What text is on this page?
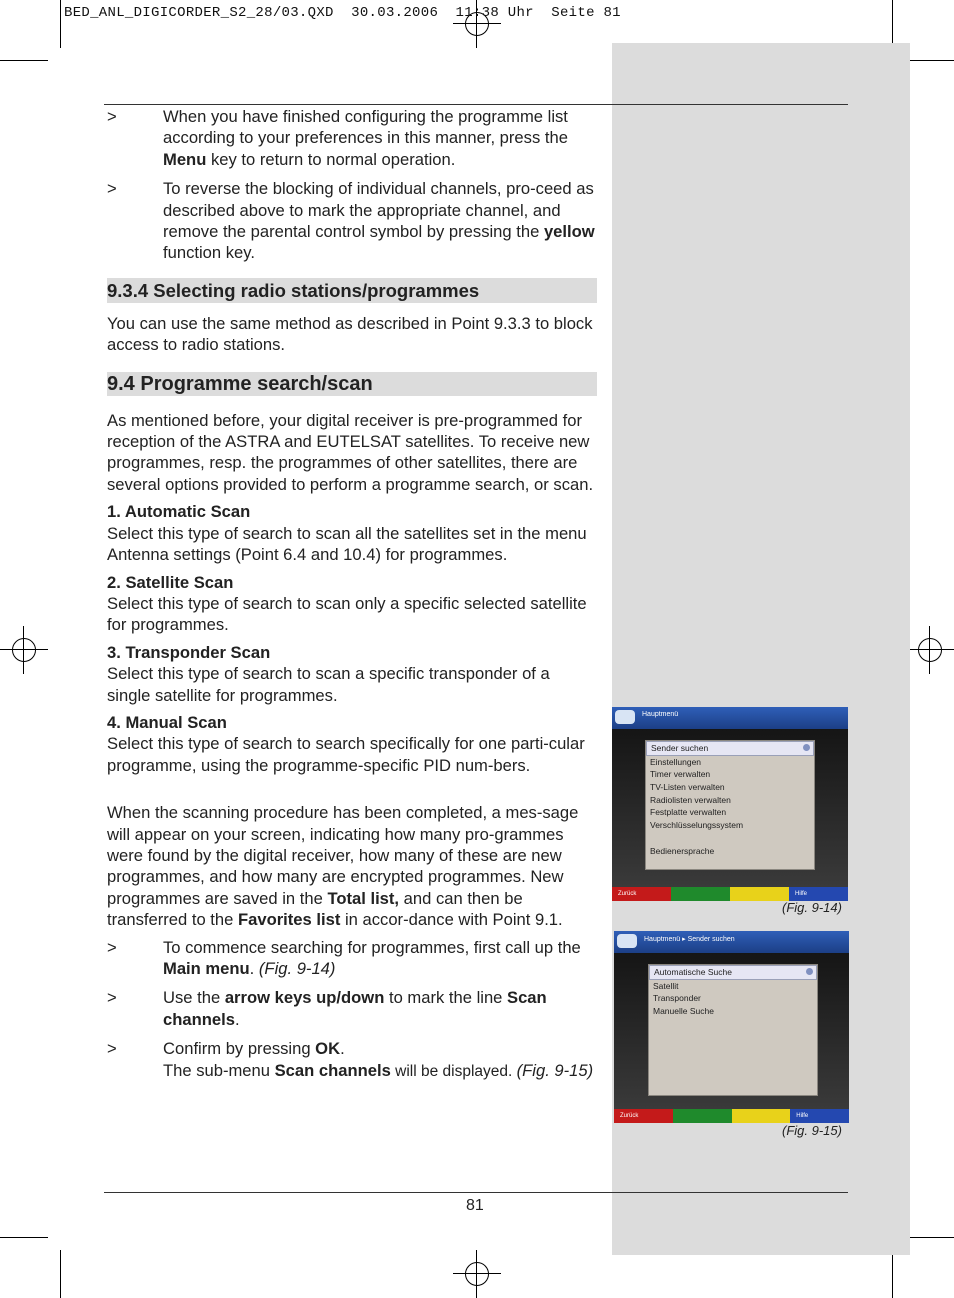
BED_ANL_DIGICORDER_S2_28/03.QXD  30.03.2006  11:38 Uhr  Seite 81
>	When you have finished configuring the programme list according to your preferences in this manner, press the Menu key to return to normal operation.
>	To reverse the blocking of individual channels, pro-ceed as described above to mark the appropriate channel, and remove the parental control symbol by pressing the yellow function key.
9.3.4 Selecting radio stations/programmes
You can use the same method as described in Point 9.3.3 to block access to radio stations.
9.4 Programme search/scan
As mentioned before, your digital receiver is pre-programmed for reception of the ASTRA and EUTELSAT satellites. To receive new programmes, resp. the programmes of other satellites, there are several options provided to perform a programme search, or scan.
1. Automatic Scan
Select this type of search to scan all the satellites set in the menu Antenna settings (Point 6.4 and 10.4) for programmes.
2. Satellite Scan
Select this type of search to scan only a specific selected satellite for programmes.
3. Transponder Scan
Select this type of search to scan a specific transponder of a single satellite for programmes.
4. Manual Scan
Select this type of search to search specifically for one parti-cular programme, using the programme-specific PID num-bers.
When the scanning procedure has been completed, a mes-sage will appear on your screen, indicating how many pro-grammes were found by the digital receiver, how many of these are new programmes, and how many are encrypted programmes. New programmes are saved in the Total list, and can then be transferred to the Favorites list in accor-dance with Point 9.1.
>	To commence searching for programmes, first call up the Main menu. (Fig. 9-14)
>	Use the arrow keys up/down to mark the line Scan channels.
>	Confirm by pressing OK.
The sub-menu Scan channels will be displayed. (Fig. 9-15)
Hauptmenü
Sender suchen
Einstellungen
Timer verwalten
TV-Listen verwalten
Radiolisten verwalten
Festplatte verwalten
Verschlüsselungssystem
Bedienersprache
Zurück	Hilfe
(Fig. 9-14)
Hauptmenü ▸ Sender suchen
Automatische Suche
Satellit
Transponder
Manuelle Suche
Zurück	Hilfe
(Fig. 9-15)
81
